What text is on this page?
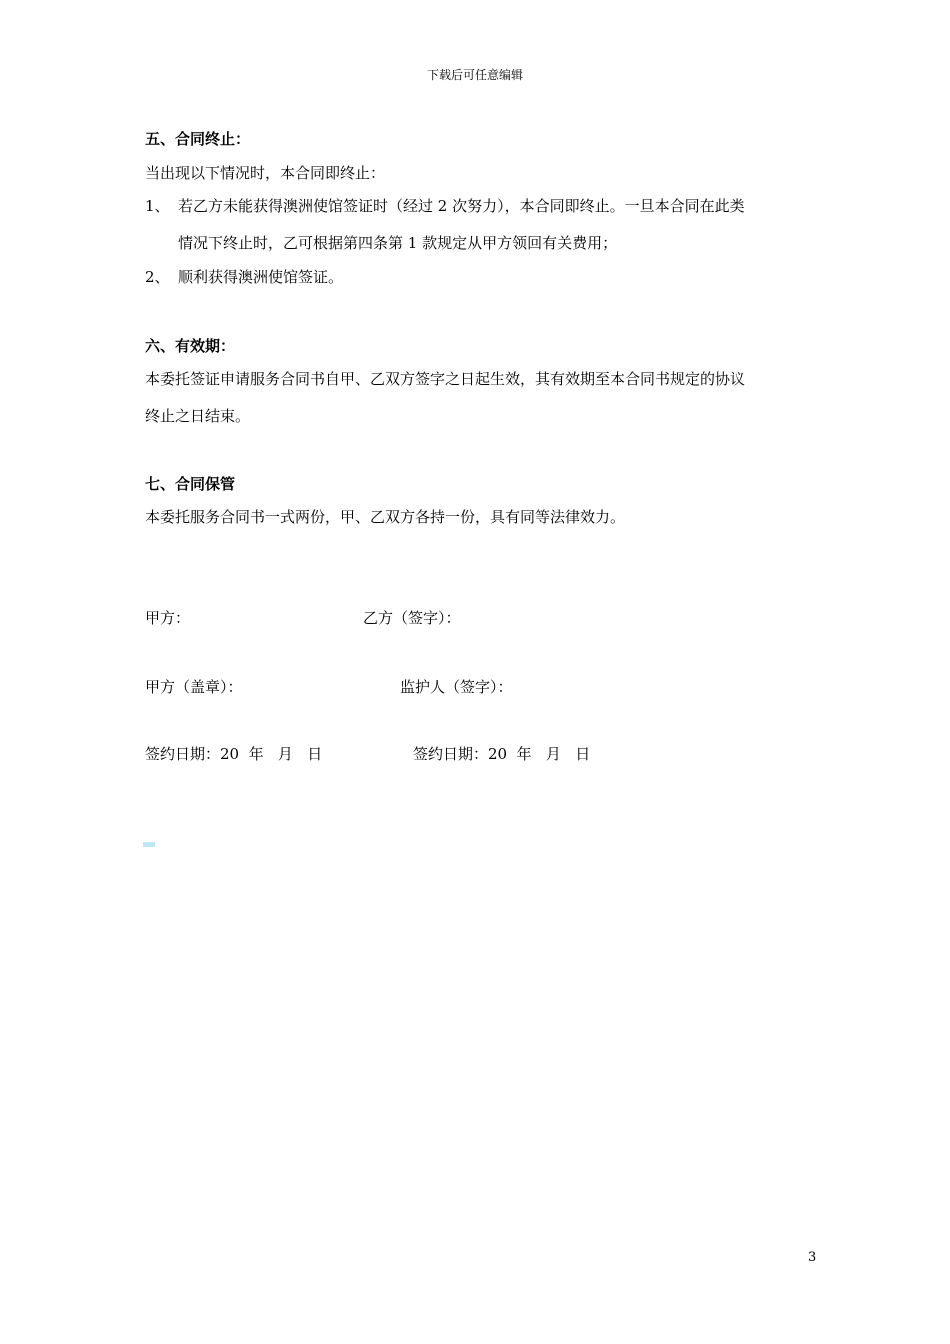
下载后可任意编辑
五、合同终止：
当出现以下情况时，本合同即终止：
1、 若乙方未能获得澳洲使馆签证时（经过 2 次努力），本合同即终止。一旦本合同在此类
情况下终止时，乙可根据第四条第 1 款规定从甲方领回有关费用；
2、 顺利获得澳洲使馆签证。
六、有效期：
本委托签证申请服务合同书自甲、乙双方签字之日起生效，其有效期至本合同书规定的协议
终止之日结束。
七、合同保管
本委托服务合同书一式两份，甲、乙双方各持一份，具有同等法律效力。
甲方：	乙方（签字）：
甲方（盖章）：	监护人（签字）：
签约日期：20  年   月   日	签约日期：20  年   月   日
3
